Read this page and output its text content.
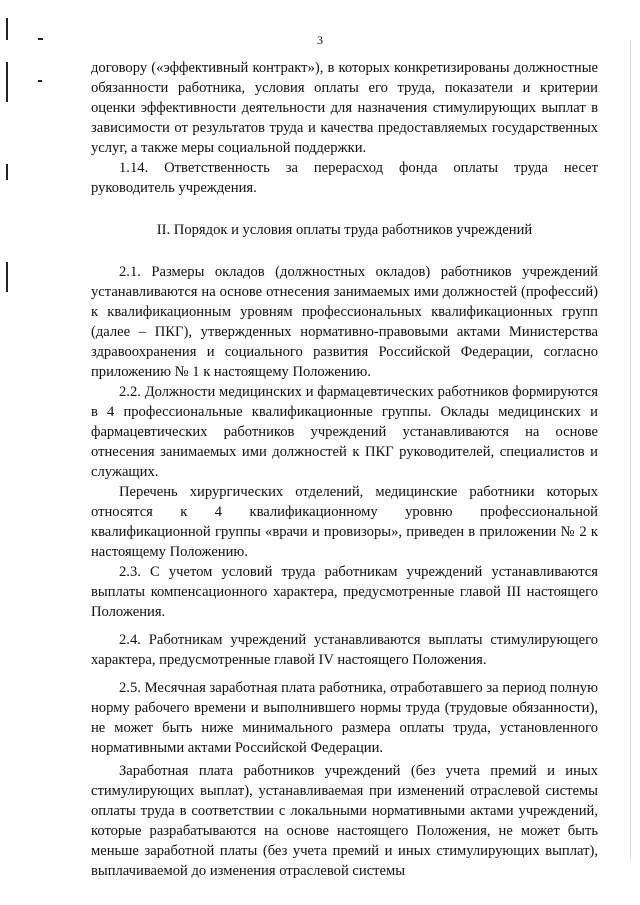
3

договору («эффективный контракт»), в которых конкретизированы должностные обязанности работника, условия оплаты его труда, показатели и критерии оценки эффективности деятельности для назначения стимулирующих выплат в зависимости от результатов труда и качества предоставляемых государственных услуг, а также меры социальной поддержки.

1.14. Ответственность за перерасход фонда оплаты труда несет руководитель учреждения.

II. Порядок и условия оплаты труда работников учреждений

2.1. Размеры окладов (должностных окладов) работников учреждений устанавливаются на основе отнесения занимаемых ими должностей (профессий) к квалификационным уровням профессиональных квалификационных групп (далее – ПКГ), утвержденных нормативно-правовыми актами Министерства здравоохранения и социального развития Российской Федерации, согласно приложению № 1 к настоящему Положению.

2.2. Должности медицинских и фармацевтических работников формируются в 4 профессиональные квалификационные группы. Оклады медицинских и фармацевтических работников учреждений устанавливаются на основе отнесения занимаемых ими должностей к ПКГ руководителей, специалистов и служащих.

Перечень хирургических отделений, медицинские работники которых относятся к 4 квалификационному уровню профессиональной квалификационной группы «врачи и провизоры», приведен в приложении № 2 к настоящему Положению.

2.3. С учетом условий труда работникам учреждений устанавливаются выплаты компенсационного характера, предусмотренные главой III настоящего Положения.

2.4. Работникам учреждений устанавливаются выплаты стимулирующего характера, предусмотренные главой IV настоящего Положения.

2.5. Месячная заработная плата работника, отработавшего за период полную норму рабочего времени и выполнившего нормы труда (трудовые обязанности), не может быть ниже минимального размера оплаты труда, установленного нормативными актами Российской Федерации.

Заработная плата работников учреждений (без учета премий и иных стимулирующих выплат), устанавливаемая при изменений отраслевой системы оплаты труда в соответствии с локальными нормативными актами учреждений, которые разрабатываются на основе настоящего Положения, не может быть меньше заработной платы (без учета премий и иных стимулирующих выплат), выплачиваемой до изменения отраслевой системы
